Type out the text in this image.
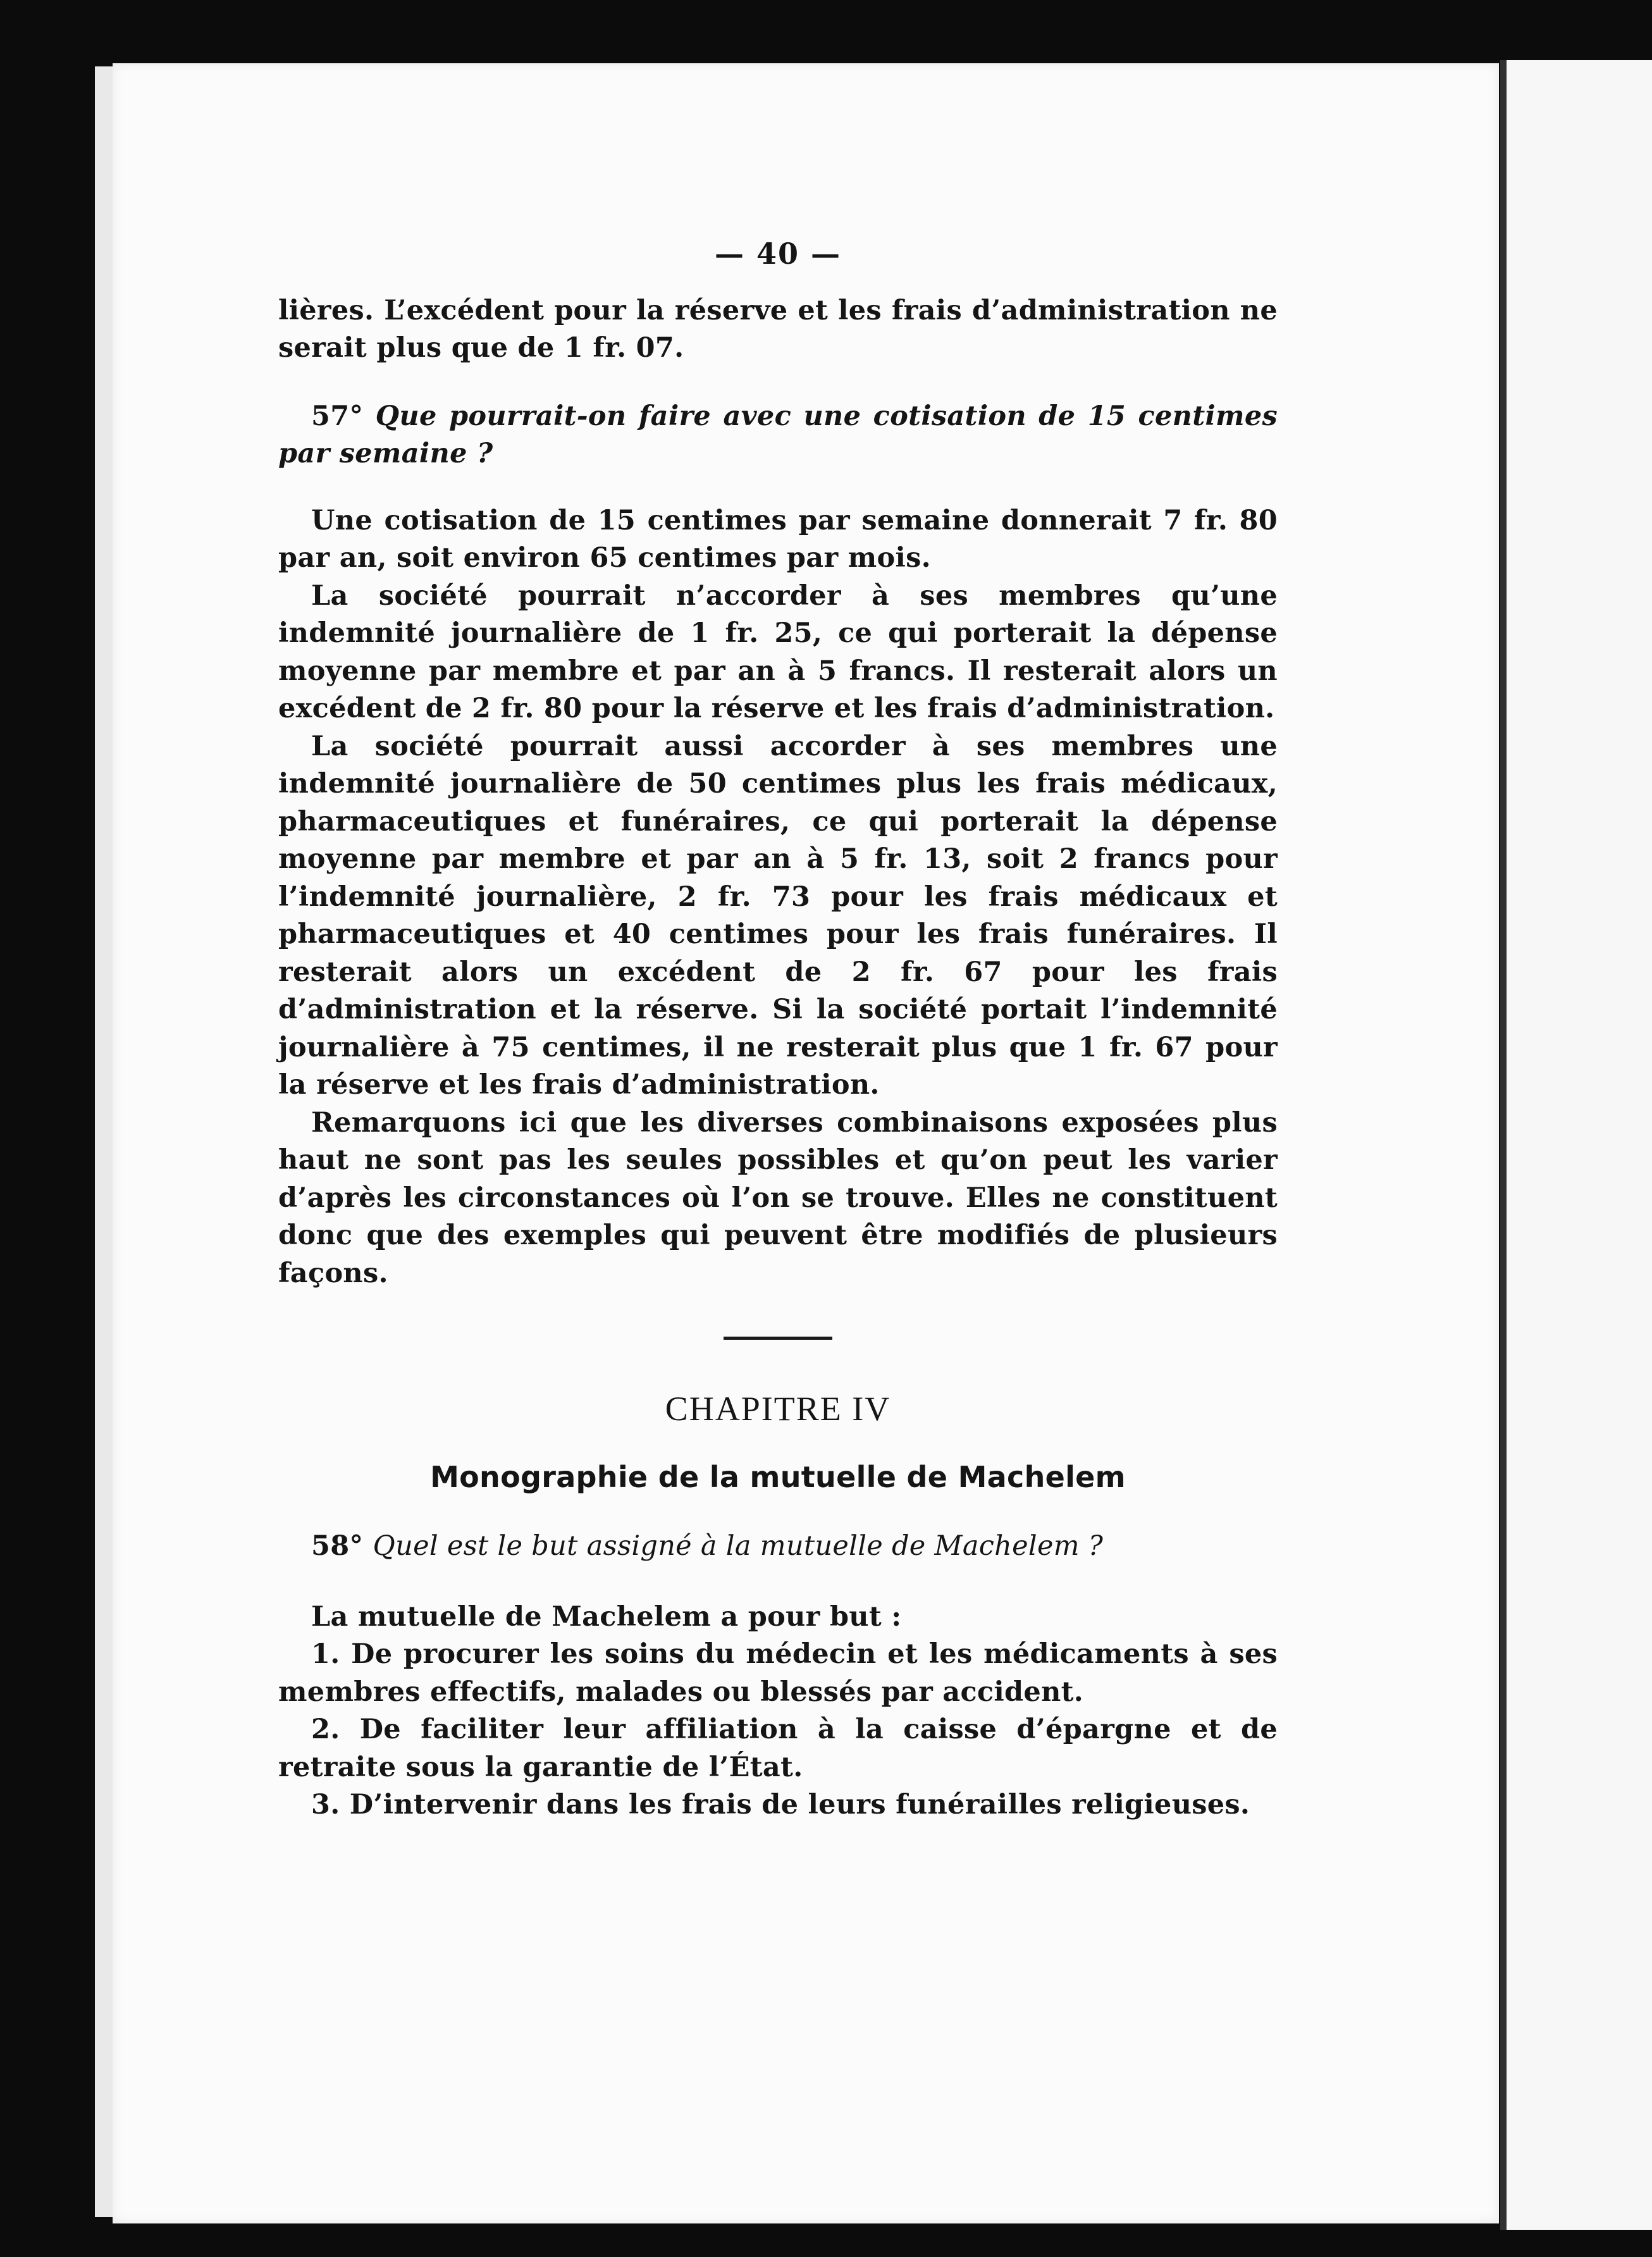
— 40 —

lières. L’excédent pour la réserve et les frais d’administration ne serait plus que de 1 fr. 07.

57° Que pourrait-on faire avec une cotisation de 15 centimes par semaine ?

Une cotisation de 15 centimes par semaine donnerait 7 fr. 80 par an, soit environ 65 centimes par mois.

La société pourrait n’accorder à ses membres qu’une indemnité journalière de 1 fr. 25, ce qui porterait la dépense moyenne par membre et par an à 5 francs. Il resterait alors un excédent de 2 fr. 80 pour la réserve et les frais d’administration.

La société pourrait aussi accorder à ses membres une indemnité journalière de 50 centimes plus les frais médicaux, pharmaceutiques et funéraires, ce qui porterait la dépense moyenne par membre et par an à 5 fr. 13, soit 2 francs pour l’indemnité journalière, 2 fr. 73 pour les frais médicaux et pharmaceutiques et 40 centimes pour les frais funéraires. Il resterait alors un excédent de 2 fr. 67 pour les frais d’administration et la réserve. Si la société portait l’indemnité journalière à 75 centimes, il ne resterait plus que 1 fr. 67 pour la réserve et les frais d’administration.

Remarquons ici que les diverses combinaisons exposées plus haut ne sont pas les seules possibles et qu’on peut les varier d’après les circonstances où l’on se trouve. Elles ne constituent donc que des exemples qui peuvent être modifiés de plusieurs façons.

CHAPITRE IV
Monographie de la mutuelle de Machelem

58° Quel est le but assigné à la mutuelle de Machelem ?

La mutuelle de Machelem a pour but :

1. De procurer les soins du médecin et les médicaments à ses membres effectifs, malades ou blessés par accident.

2. De faciliter leur affiliation à la caisse d’épargne et de retraite sous la garantie de l’État.

3. D’intervenir dans les frais de leurs funérailles religieuses.
